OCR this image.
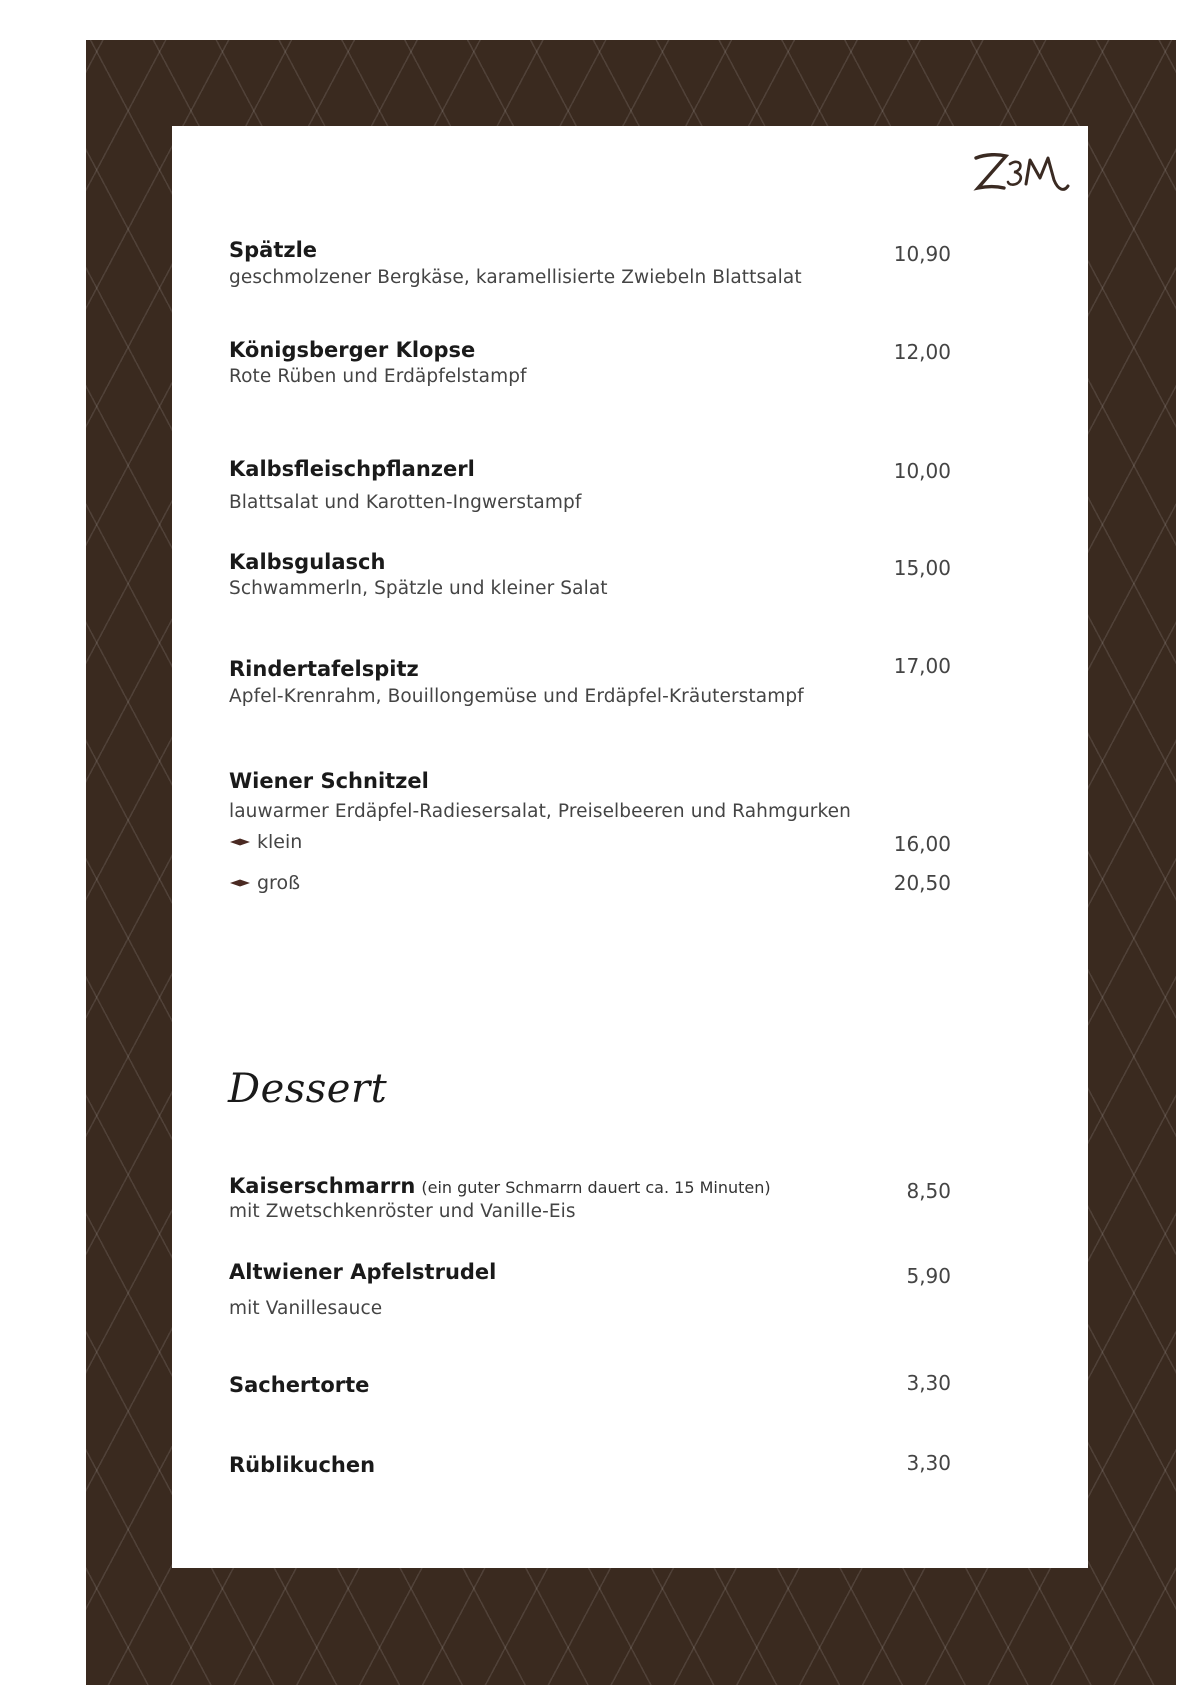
Spätzle
geschmolzener Bergkäse, karamellisierte Zwiebeln Blattsalat
10,90
Königsberger Klopse
Rote Rüben und Erdäpfelstampf
12,00
Kalbsfleischpflanzerl
Blattsalat und Karotten-Ingwerstampf
10,00
Kalbsgulasch
Schwammerln, Spätzle und kleiner Salat
15,00
Rindertafelspitz
Apfel-Krenrahm, Bouillongemüse und Erdäpfel-Kräuterstampf
17,00
Wiener Schnitzel
lauwarmer Erdäpfel-Radiesersalat, Preiselbeeren und Rahmgurken
klein	16,00
groß	20,50
Dessert
Kaiserschmarrn (ein guter Schmarrn dauert ca. 15 Minuten)
mit Zwetschkenröster und Vanille-Eis
8,50
Altwiener Apfelstrudel
mit Vanillesauce
5,90
Sachertorte	3,30
Rüblikuchen	3,30
